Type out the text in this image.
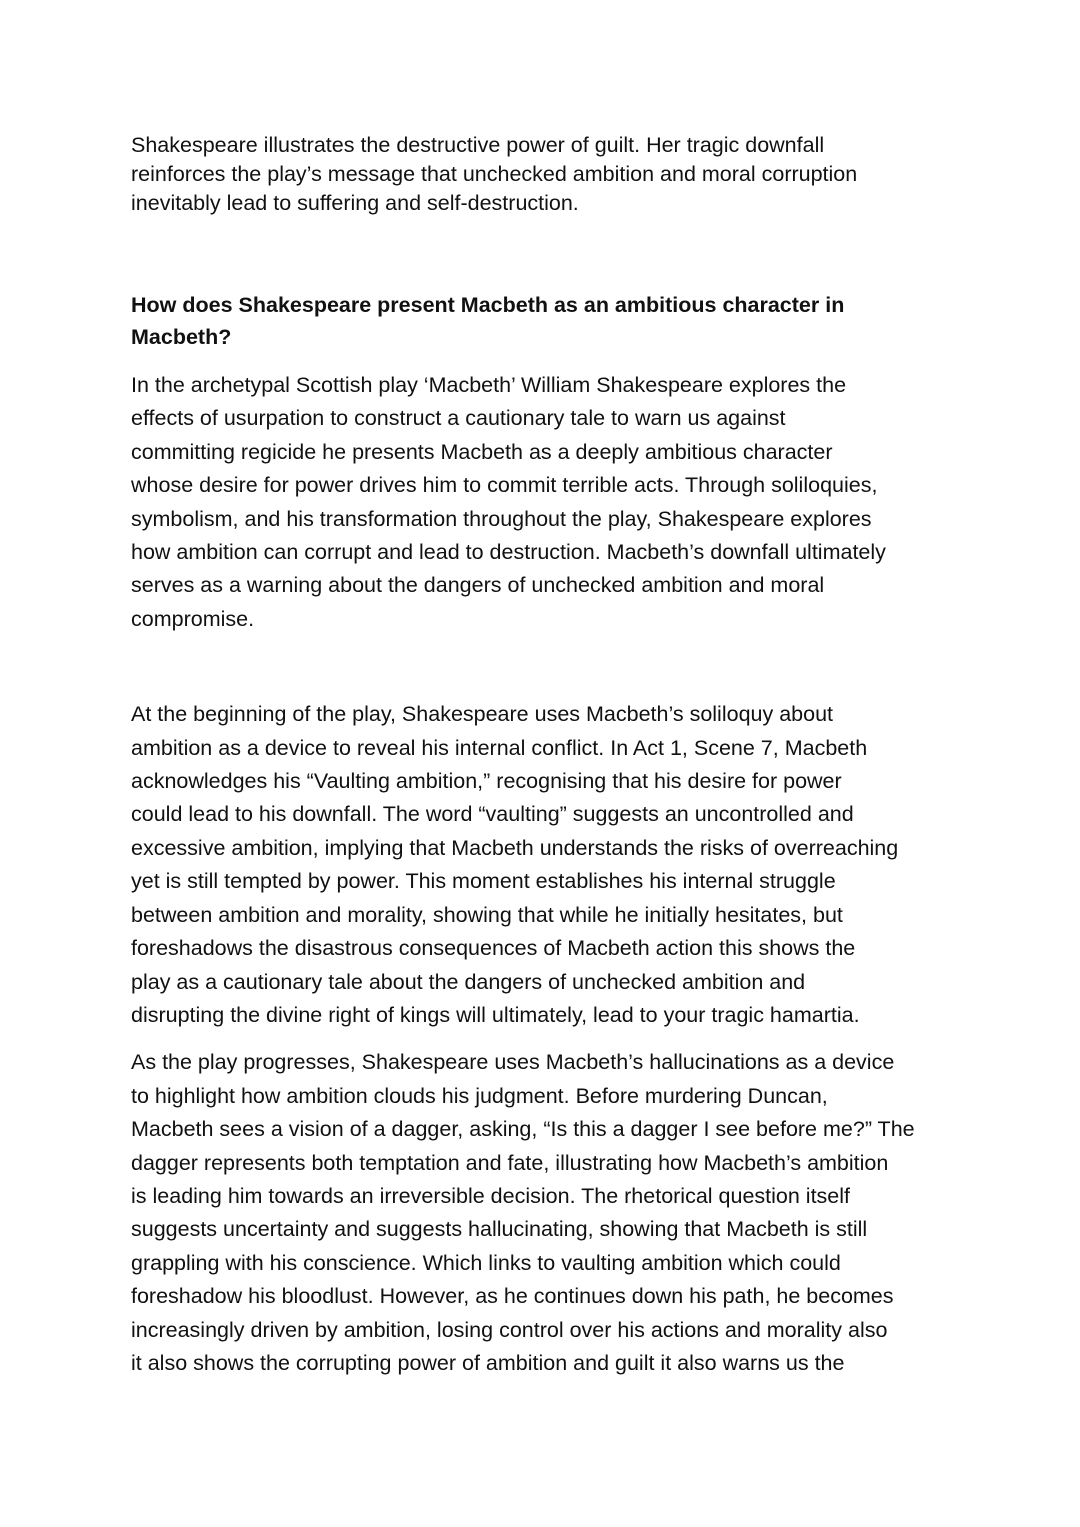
Shakespeare illustrates the destructive power of guilt. Her tragic downfall
reinforces the play’s message that unchecked ambition and moral corruption
inevitably lead to suffering and self-destruction.
How does Shakespeare present Macbeth as an ambitious character in
Macbeth?
In the archetypal Scottish play ‘Macbeth’ William Shakespeare explores the
effects of usurpation to construct a cautionary tale to warn us against
committing regicide he presents Macbeth as a deeply ambitious character
whose desire for power drives him to commit terrible acts. Through soliloquies,
symbolism, and his transformation throughout the play, Shakespeare explores
how ambition can corrupt and lead to destruction. Macbeth’s downfall ultimately
serves as a warning about the dangers of unchecked ambition and moral
compromise.
At the beginning of the play, Shakespeare uses Macbeth’s soliloquy about
ambition as a device to reveal his internal conflict. In Act 1, Scene 7, Macbeth
acknowledges his “Vaulting ambition,” recognising that his desire for power
could lead to his downfall. The word “vaulting” suggests an uncontrolled and
excessive ambition, implying that Macbeth understands the risks of overreaching
yet is still tempted by power. This moment establishes his internal struggle
between ambition and morality, showing that while he initially hesitates, but
foreshadows the disastrous consequences of Macbeth action this shows the
play as a cautionary tale about the dangers of unchecked ambition and
disrupting the divine right of kings will ultimately, lead to your tragic hamartia.
As the play progresses, Shakespeare uses Macbeth’s hallucinations as a device
to highlight how ambition clouds his judgment. Before murdering Duncan,
Macbeth sees a vision of a dagger, asking, “Is this a dagger I see before me?” The
dagger represents both temptation and fate, illustrating how Macbeth’s ambition
is leading him towards an irreversible decision. The rhetorical question itself
suggests uncertainty and suggests hallucinating, showing that Macbeth is still
grappling with his conscience. Which links to vaulting ambition which could
foreshadow his bloodlust. However, as he continues down his path, he becomes
increasingly driven by ambition, losing control over his actions and morality also
it also shows the corrupting power of ambition and guilt it also warns us the
